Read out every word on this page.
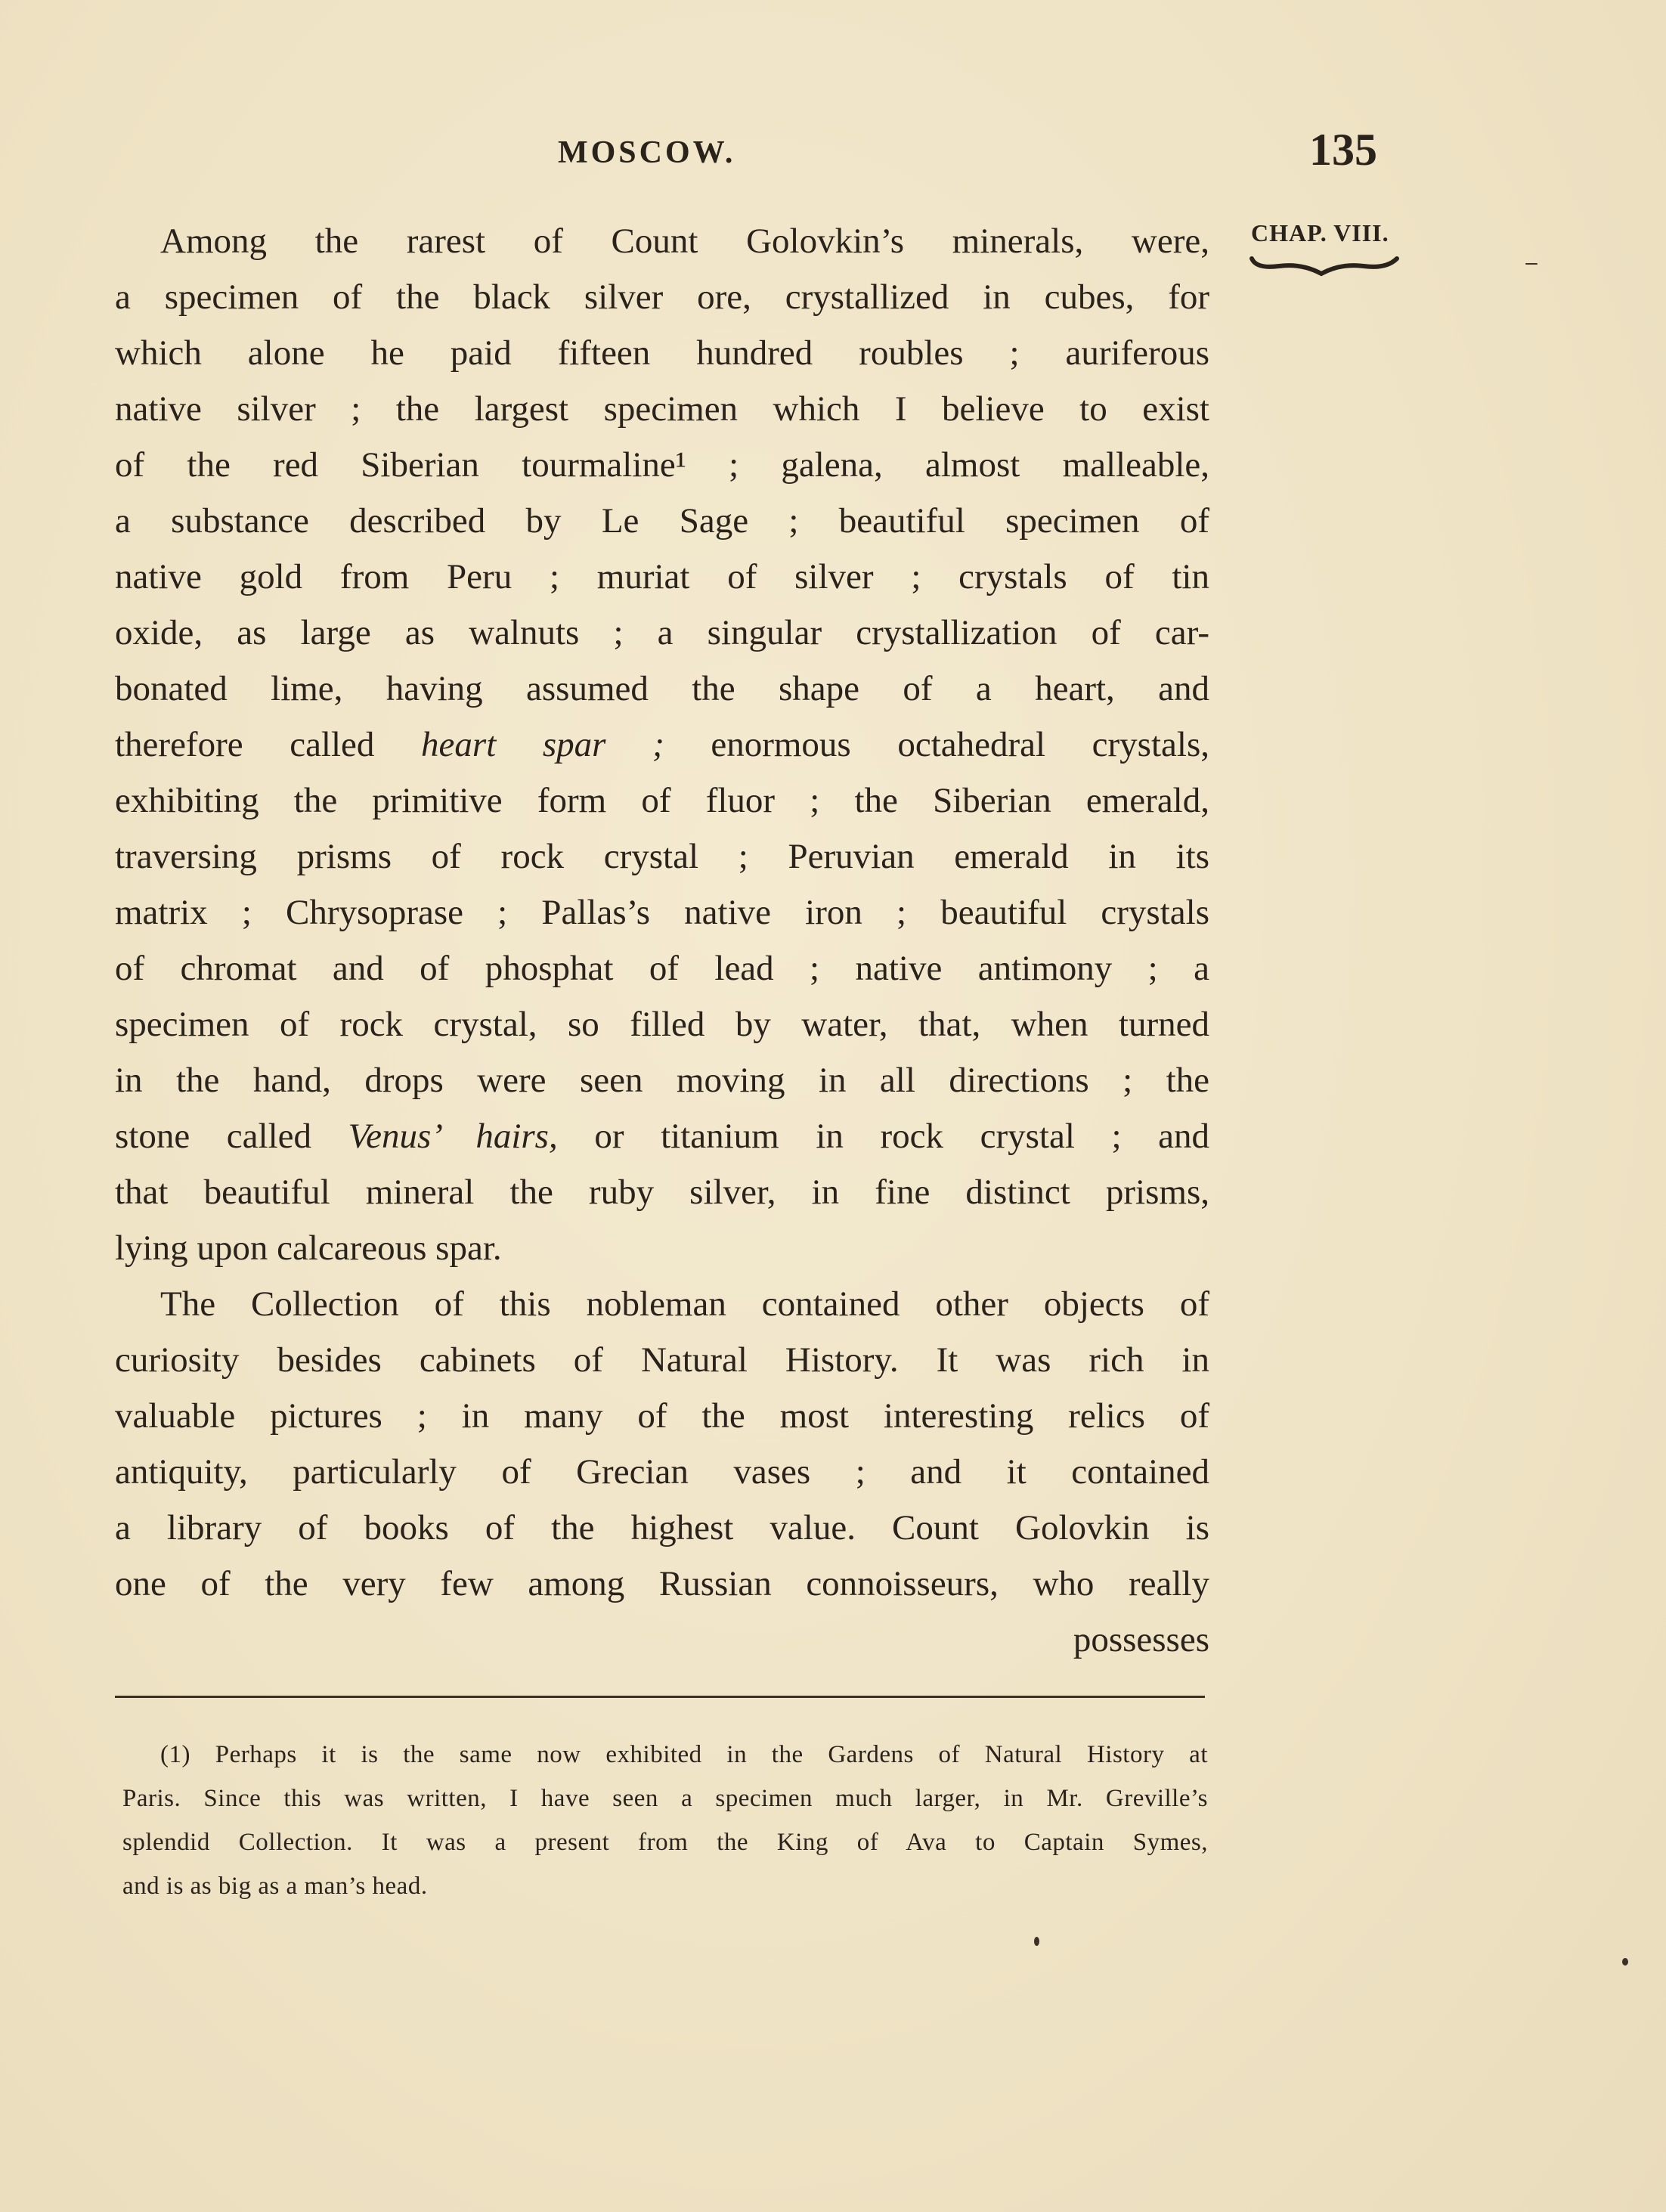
MOSCOW.	135
CHAP. VIII.
Among the rarest of Count Golovkin’s minerals, were,
a specimen of the black silver ore, crystallized in cubes, for
which alone he paid fifteen hundred roubles ; auriferous
native silver ; the largest specimen which I believe to exist
of the red Siberian tourmaline¹ ; galena, almost malleable,
a substance described by Le Sage ; beautiful specimen of
native gold from Peru ; muriat of silver ; crystals of tin
oxide, as large as walnuts ; a singular crystallization of car-
bonated lime, having assumed the shape of a heart, and
therefore called heart spar ; enormous octahedral crystals,
exhibiting the primitive form of fluor ; the Siberian emerald,
traversing prisms of rock crystal ; Peruvian emerald in its
matrix ; Chrysoprase ; Pallas’s native iron ; beautiful crystals
of chromat and of phosphat of lead ; native antimony ; a
specimen of rock crystal, so filled by water, that, when turned
in the hand, drops were seen moving in all directions ; the
stone called Venus’ hairs, or titanium in rock crystal ; and
that beautiful mineral the ruby silver, in fine distinct prisms,
lying upon calcareous spar.
The Collection of this nobleman contained other objects of
curiosity besides cabinets of Natural History. It was rich in
valuable pictures ; in many of the most interesting relics of
antiquity, particularly of Grecian vases ; and it contained
a library of books of the highest value. Count Golovkin is
one of the very few among Russian connoisseurs, who really
possesses
(1) Perhaps it is the same now exhibited in the Gardens of Natural History at
Paris. Since this was written, I have seen a specimen much larger, in Mr. Greville’s
splendid Collection. It was a present from the King of Ava to Captain Symes,
and is as big as a man’s head.
